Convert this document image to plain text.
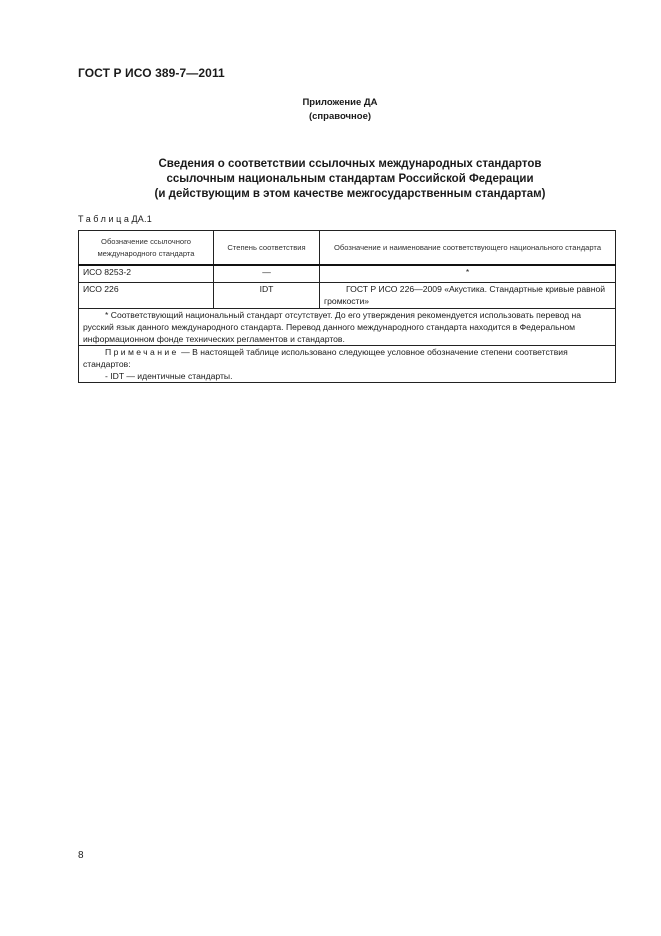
ГОСТ Р ИСО 389-7—2011
Приложение ДА
(справочное)
Сведения о соответствии ссылочных международных стандартов
ссылочным национальным стандартам Российской Федерации
(и действующим в этом качестве межгосударственным стандартам)
ТаблицаДА.1
Обозначение ссылочного международного стандарта	Степень соответствия	Обозначение и наименование соответствующего национального стандарта
ИСО 8253-2	—	*
ИСО 226	IDT	ГОСТ Р ИСО 226—2009 «Акустика. Стандартные кривые равной громкости»
* Соответствующий национальный стандарт отсутствует. До его утверждения рекомендуется использовать перевод на русский язык данного международного стандарта. Перевод данного международного стандарта находится в Федеральном информационном фонде технических регламентов и стандартов.		

Примечание — В настоящей таблице использовано следующее условное обозначение степени соответствия стандартов:
- IDT — идентичные стандарты.		
8
